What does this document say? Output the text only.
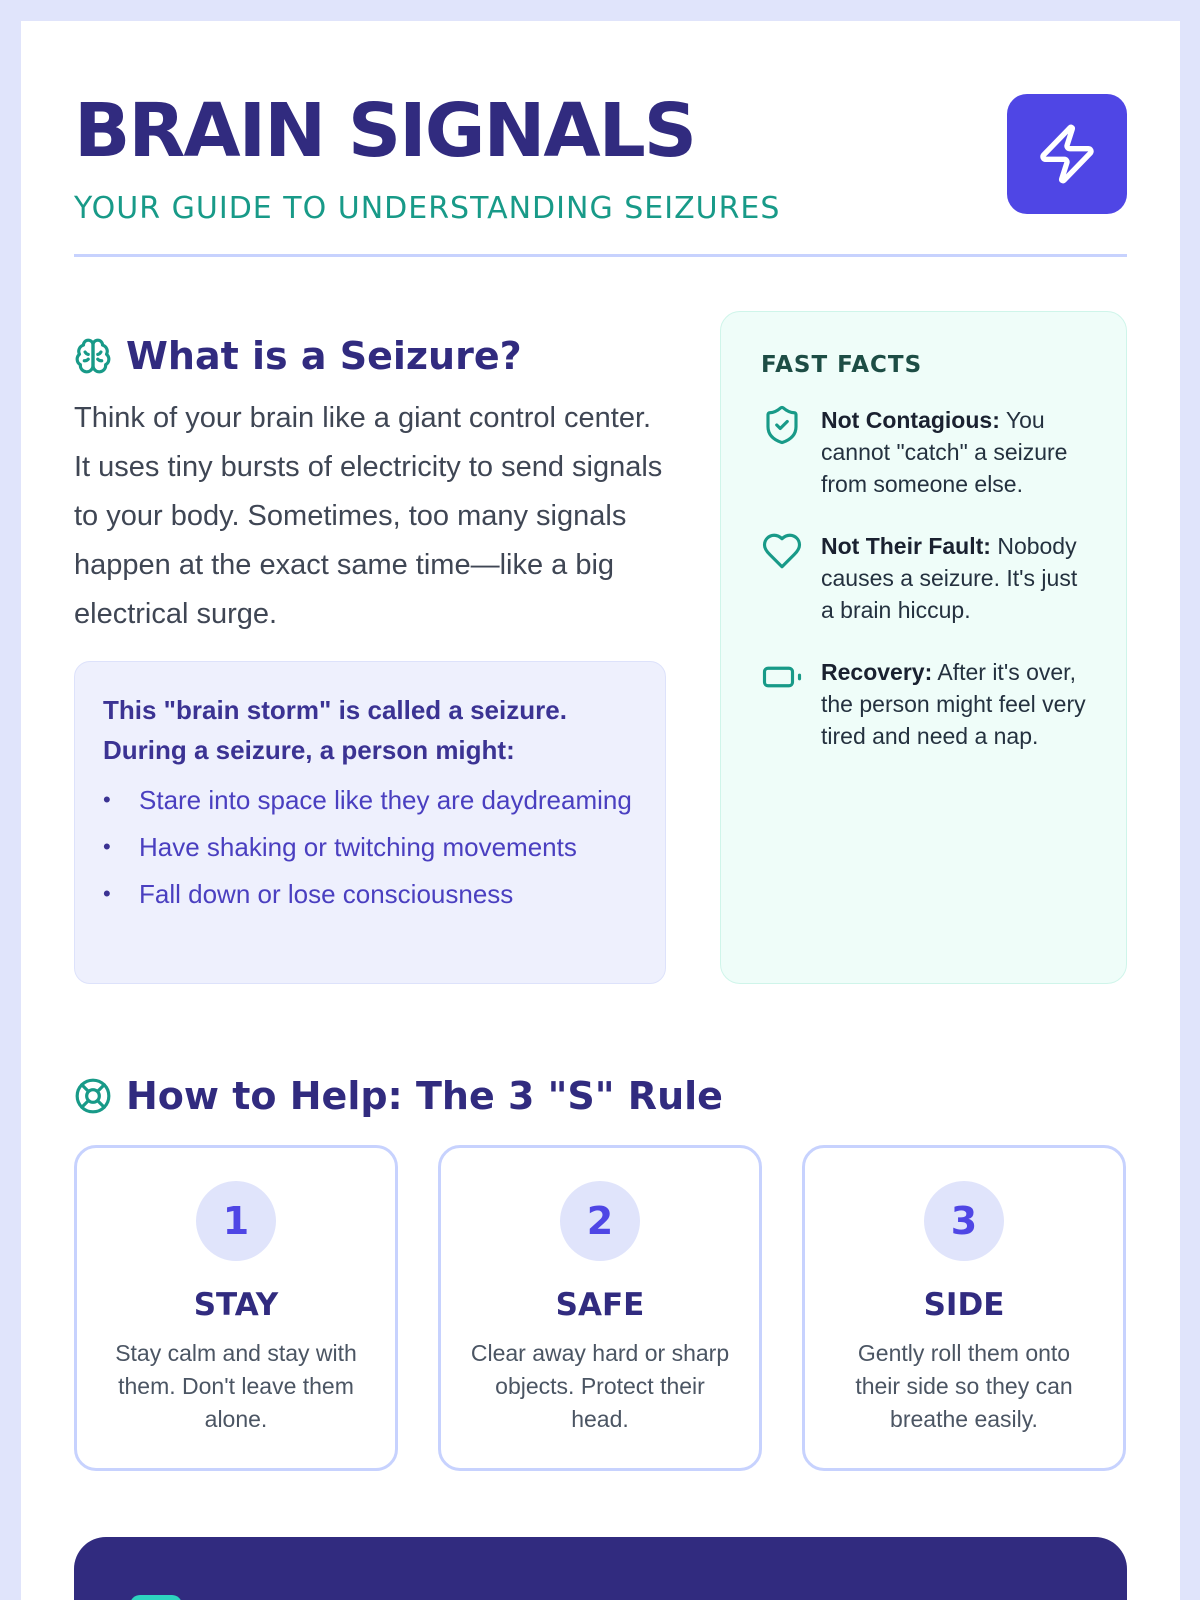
BRAIN SIGNALS
YOUR GUIDE TO UNDERSTANDING SEIZURES
What is a Seizure?

Think of your brain like a giant control center. It uses tiny bursts of electricity to send signals to your body. Sometimes, too many signals happen at the exact same time—like a big electrical surge.

This "brain storm" is called a seizure. During a seizure, a person might:
• Stare into space like they are daydreaming
• Have shaking or twitching movements
• Fall down or lose consciousness
FAST FACTS
Not Contagious: You cannot "catch" a seizure from someone else.
Not Their Fault: Nobody causes a seizure. It's just a brain hiccup.
Recovery: After it's over, the person might feel very tired and need a nap.
How to Help: The 3 "S" Rule
1
STAY
Stay calm and stay with them. Don't leave them alone.
2
SAFE
Clear away hard or sharp objects. Protect their head.
3
SIDE
Gently roll them onto their side so they can breathe easily.
